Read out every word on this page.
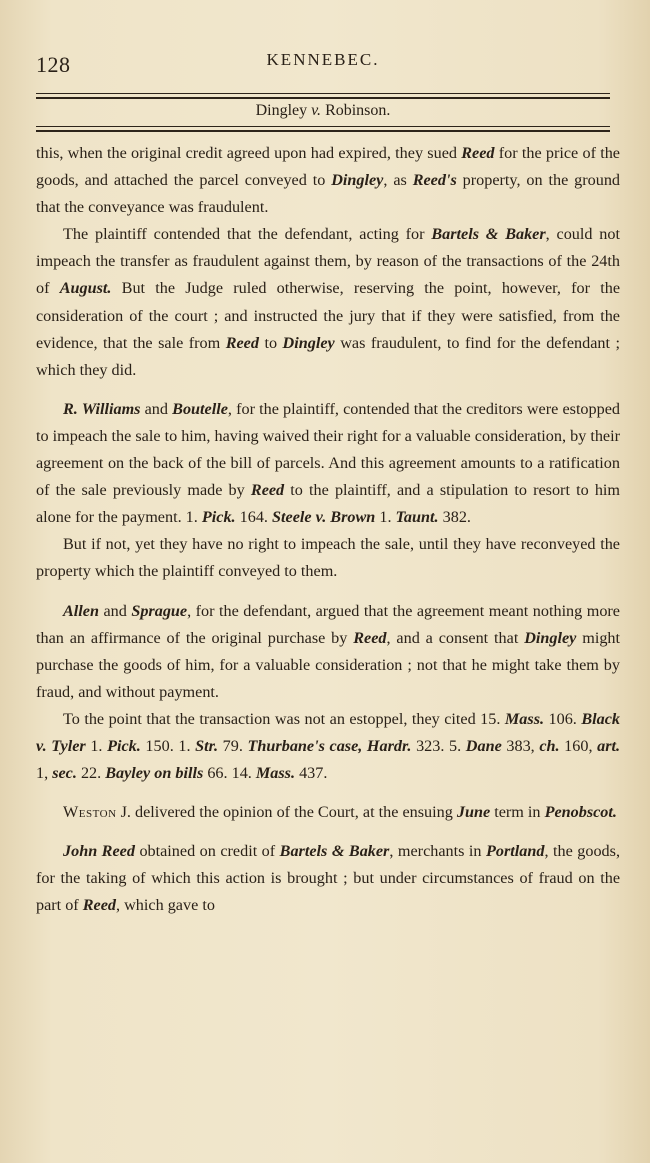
128	KENNEBEC.
Dingley v. Robinson.

this, when the original credit agreed upon had expired, they sued Reed for the price of the goods, and attached the parcel conveyed to Dingley, as Reed's property, on the ground that the conveyance was fraudulent.

The plaintiff contended that the defendant, acting for Bartels & Baker, could not impeach the transfer as fraudulent against them, by reason of the transactions of the 24th of August. But the Judge ruled otherwise, reserving the point, however, for the consideration of the court ; and instructed the jury that if they were satisfied, from the evidence, that the sale from Reed to Dingley was fraudulent, to find for the defendant ; which they did.

R. Williams and Boutelle, for the plaintiff, contended that the creditors were estopped to impeach the sale to him, having waived their right for a valuable consideration, by their agreement on the back of the bill of parcels. And this agreement amounts to a ratification of the sale previously made by Reed to the plaintiff, and a stipulation to resort to him alone for the payment. 1. Pick. 164. Steele v. Brown 1. Taunt. 382.

But if not, yet they have no right to impeach the sale, until they have reconveyed the property which the plaintiff conveyed to them.

Allen and Sprague, for the defendant, argued that the agreement meant nothing more than an affirmance of the original purchase by Reed, and a consent that Dingley might purchase the goods of him, for a valuable consideration ; not that he might take them by fraud, and without payment.

To the point that the transaction was not an estoppel, they cited 15. Mass. 106. Black v. Tyler 1. Pick. 150. 1. Str. 79. Thurbane's case, Hardr. 323. 5. Dane 383, ch. 160, art. 1, sec. 22. Bayley on bills 66. 14. Mass. 437.

Weston J. delivered the opinion of the Court, at the ensuing June term in Penobscot.

John Reed obtained on credit of Bartels & Baker, merchants in Portland, the goods, for the taking of which this action is brought ; but under circumstances of fraud on the part of Reed, which gave to
